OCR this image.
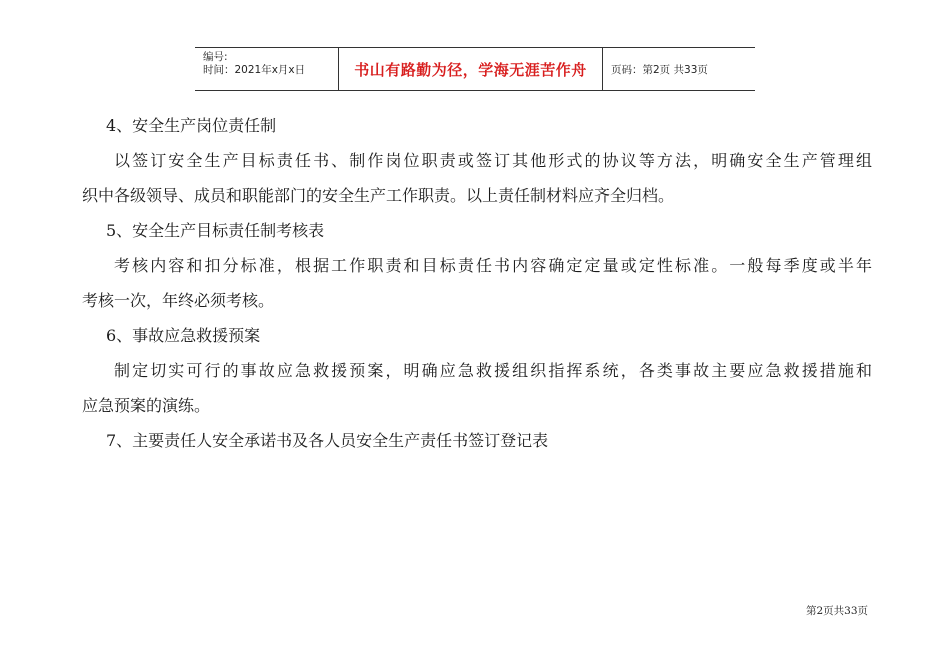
编号:
时间：2021年x月x日	书山有路勤为径，学海无涯苦作舟	页码：第2页 共33页
4、安全生产岗位责任制
以签订安全生产目标责任书、制作岗位职责或签订其他形式的协议等方法，明确安全生产管理组
织中各级领导、成员和职能部门的安全生产工作职责。以上责任制材料应齐全归档。
5、安全生产目标责任制考核表
考核内容和扣分标准，根据工作职责和目标责任书内容确定定量或定性标准。一般每季度或半年
考核一次，年终必须考核。
6、事故应急救援预案
制定切实可行的事故应急救援预案，明确应急救援组织指挥系统，各类事故主要应急救援措施和
应急预案的演练。
7、主要责任人安全承诺书及各人员安全生产责任书签订登记表
第2页共33页
